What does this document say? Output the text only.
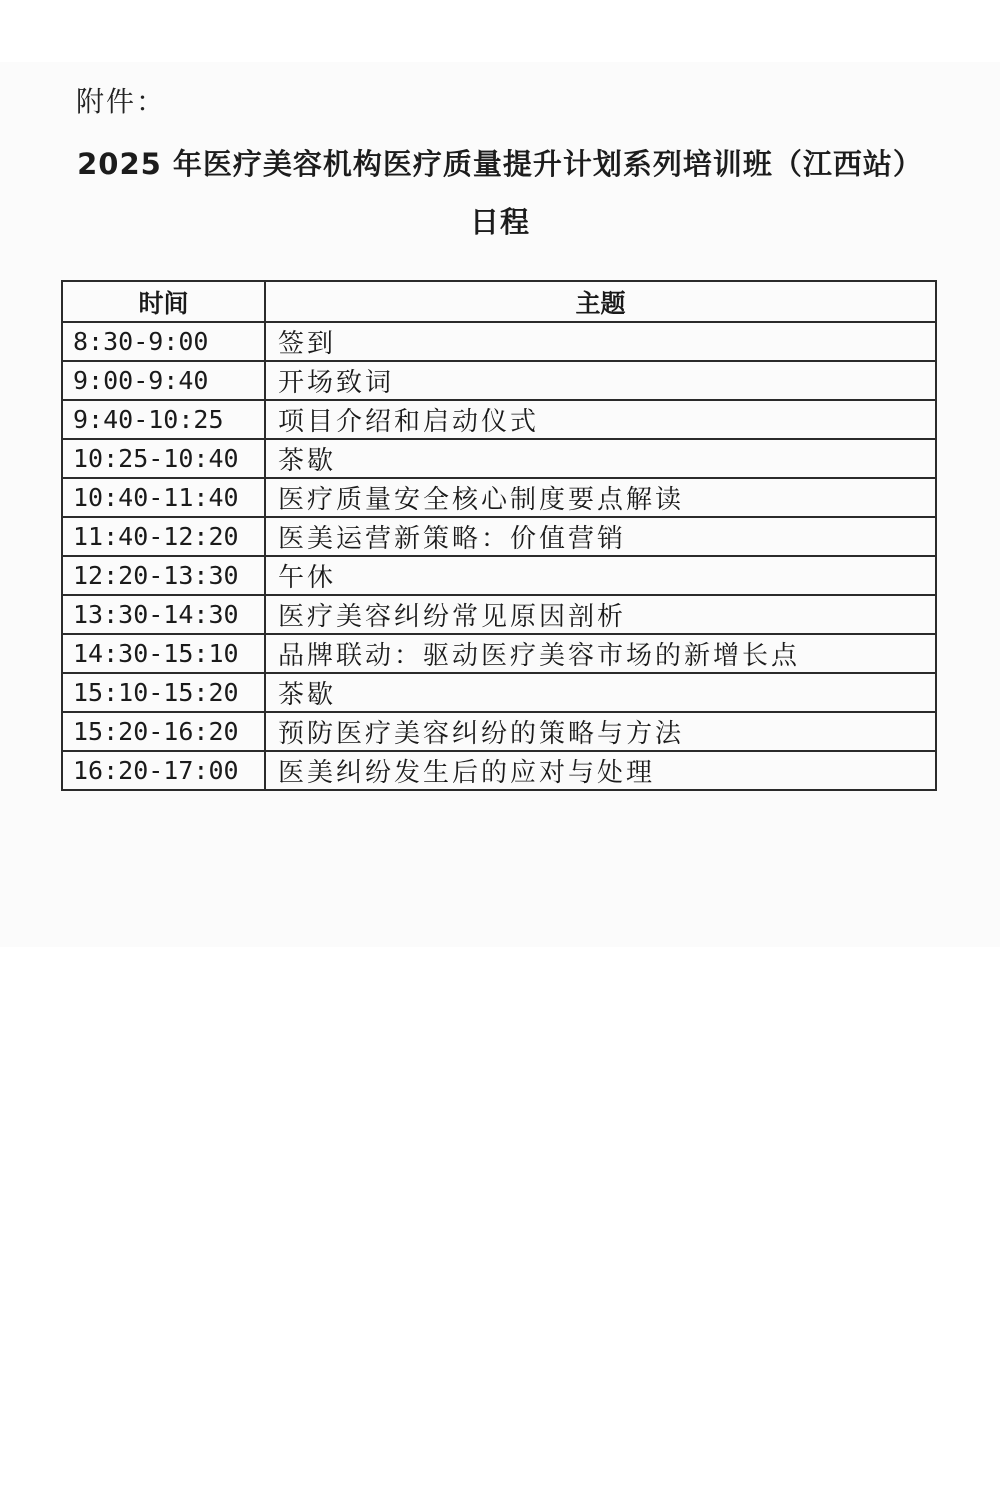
附件：
2025 年医疗美容机构医疗质量提升计划系列培训班（江西站）
日程
时间	主题
8:30-9:00	签到
9:00-9:40	开场致词
9:40-10:25	项目介绍和启动仪式
10:25-10:40	茶歇
10:40-11:40	医疗质量安全核心制度要点解读
11:40-12:20	医美运营新策略：价值营销
12:20-13:30	午休
13:30-14:30	医疗美容纠纷常见原因剖析
14:30-15:10	品牌联动：驱动医疗美容市场的新增长点
15:10-15:20	茶歇
15:20-16:20	预防医疗美容纠纷的策略与方法
16:20-17:00	医美纠纷发生后的应对与处理
